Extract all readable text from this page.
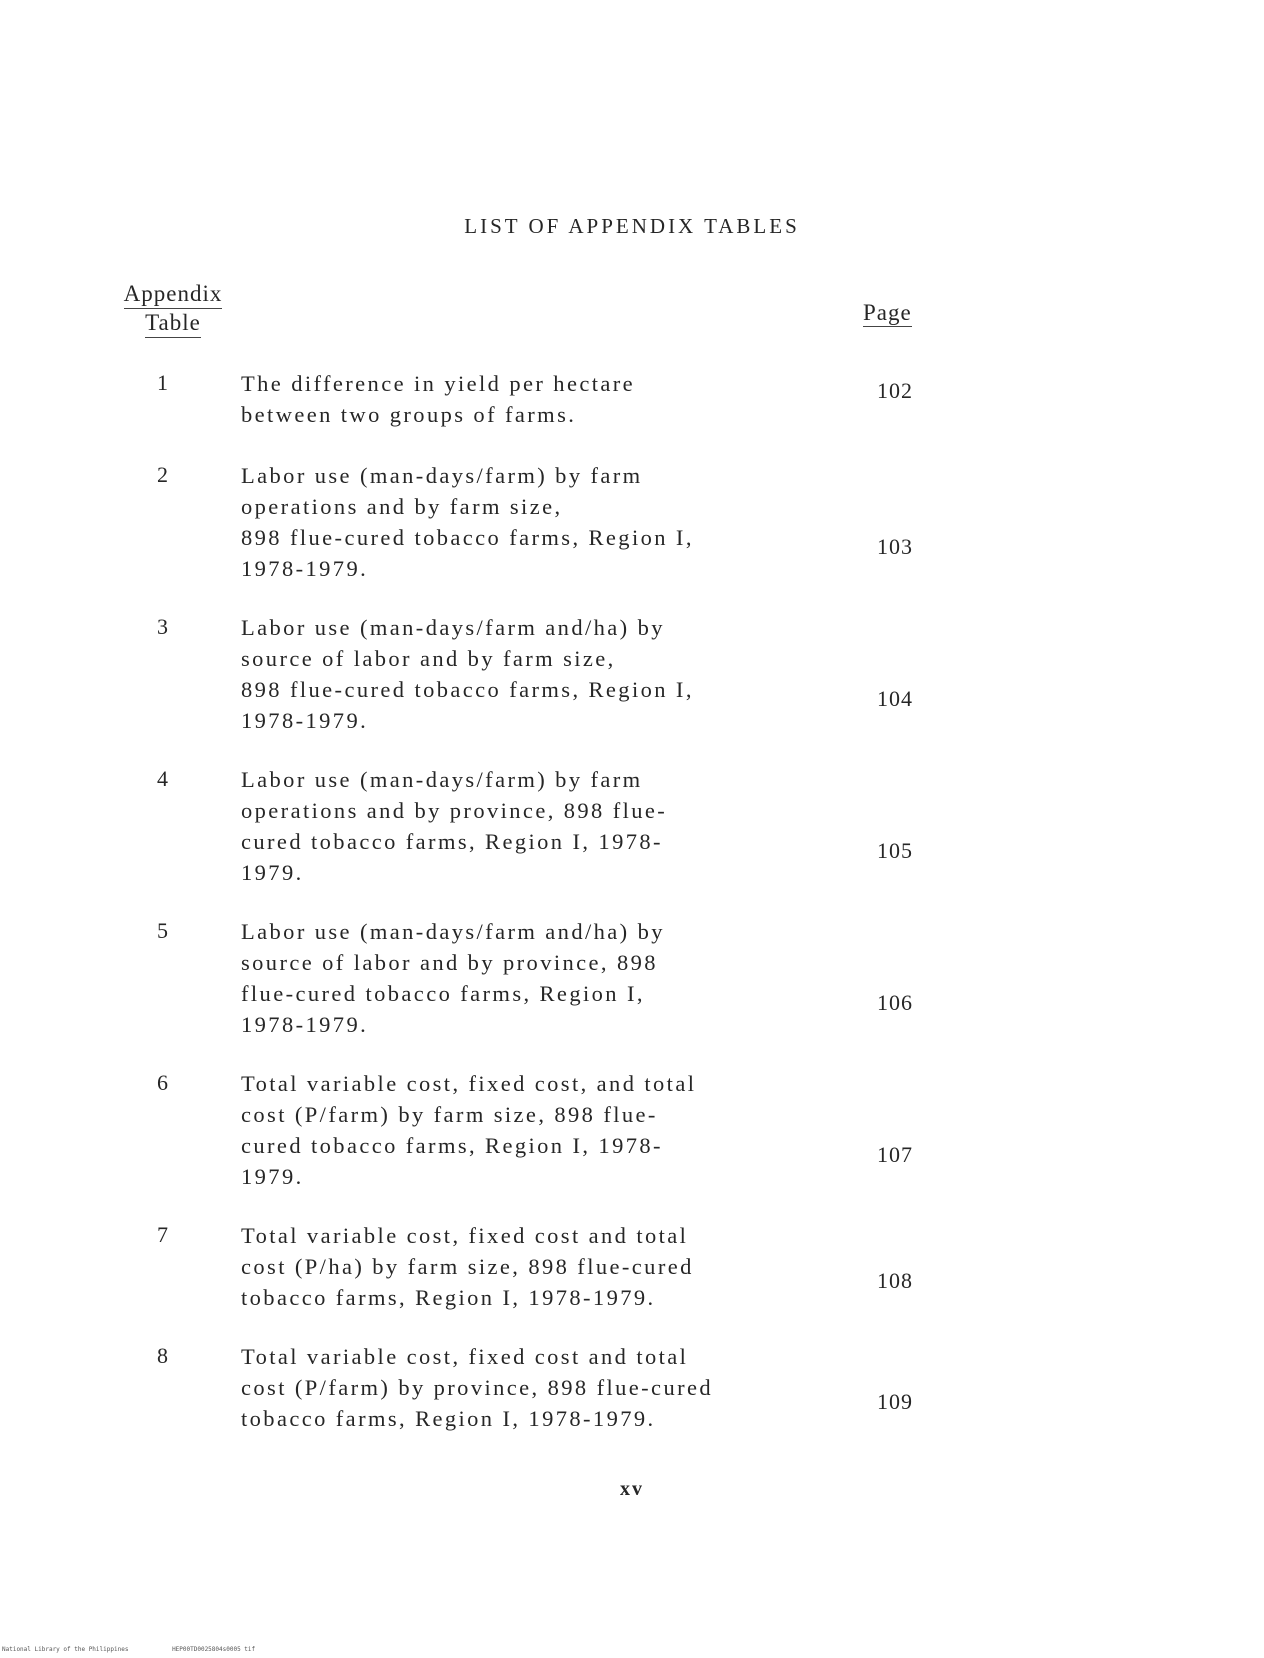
LIST OF APPENDIX TABLES
Appendix
Table	Page
1	The difference in yield per hectare
between two groups of farms.
102
2	Labor use (man-days/farm) by farm
operations and by farm size,
898 flue-cured tobacco farms, Region I,
1978-1979.
103
3	Labor use (man-days/farm and/ha) by
source of labor and by farm size,
898 flue-cured tobacco farms, Region I,
1978-1979.
104
4	Labor use (man-days/farm) by farm
operations and by province, 898 flue-
cured tobacco farms, Region I, 1978-
1979.
105
5	Labor use (man-days/farm and/ha) by
source of labor and by province, 898
flue-cured tobacco farms, Region I,
1978-1979.
106
6	Total variable cost, fixed cost, and total
cost (P/farm) by farm size, 898 flue-
cured tobacco farms, Region I, 1978-
1979.
107
7	Total variable cost, fixed cost and total
cost (P/ha) by farm size, 898 flue-cured
tobacco farms, Region I, 1978-1979.
108
8	Total variable cost, fixed cost and total
cost (P/farm) by province, 898 flue-cured
tobacco farms, Region I, 1978-1979.
109
xv
National Library of the Philippines	HEP00TD0025804s0005 tif
